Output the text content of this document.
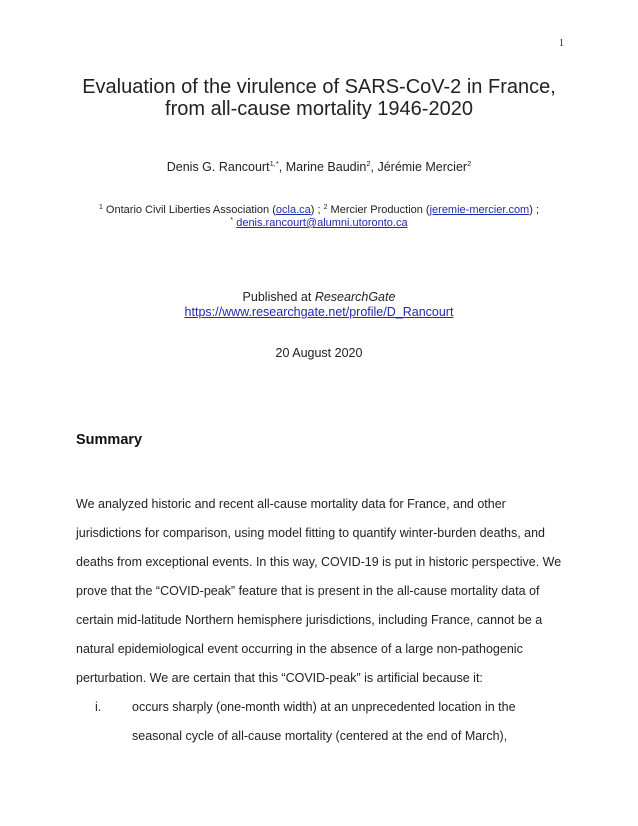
1
Evaluation of the virulence of SARS-CoV-2 in France,
from all-cause mortality 1946-2020
Denis G. Rancourt$^{1,*}$, Marine Baudin$^2$, Jérémie Mercier$^2$
$^1$ Ontario Civil Liberties Association (ocla.ca) ; $^2$ Mercier Production (jeremie-mercier.com) ;
* denis.rancourt@alumni.utoronto.ca
Published at ResearchGate
https://www.researchgate.net/profile/D_Rancourt
20 August 2020
Summary

We analyzed historic and recent all-cause mortality data for France, and other

jurisdictions for comparison, using model fitting to quantify winter-burden deaths, and

deaths from exceptional events. In this way, COVID-19 is put in historic perspective. We

prove that the “COVID-peak” feature that is present in the all-cause mortality data of

certain mid-latitude Northern hemisphere jurisdictions, including France, cannot be a

natural epidemiological event occurring in the absence of a large non-pathogenic

perturbation. We are certain that this “COVID-peak” is artificial because it:

i. occurs sharply (one-month width) at an unprecedented location in the

seasonal cycle of all-cause mortality (centered at the end of March),
